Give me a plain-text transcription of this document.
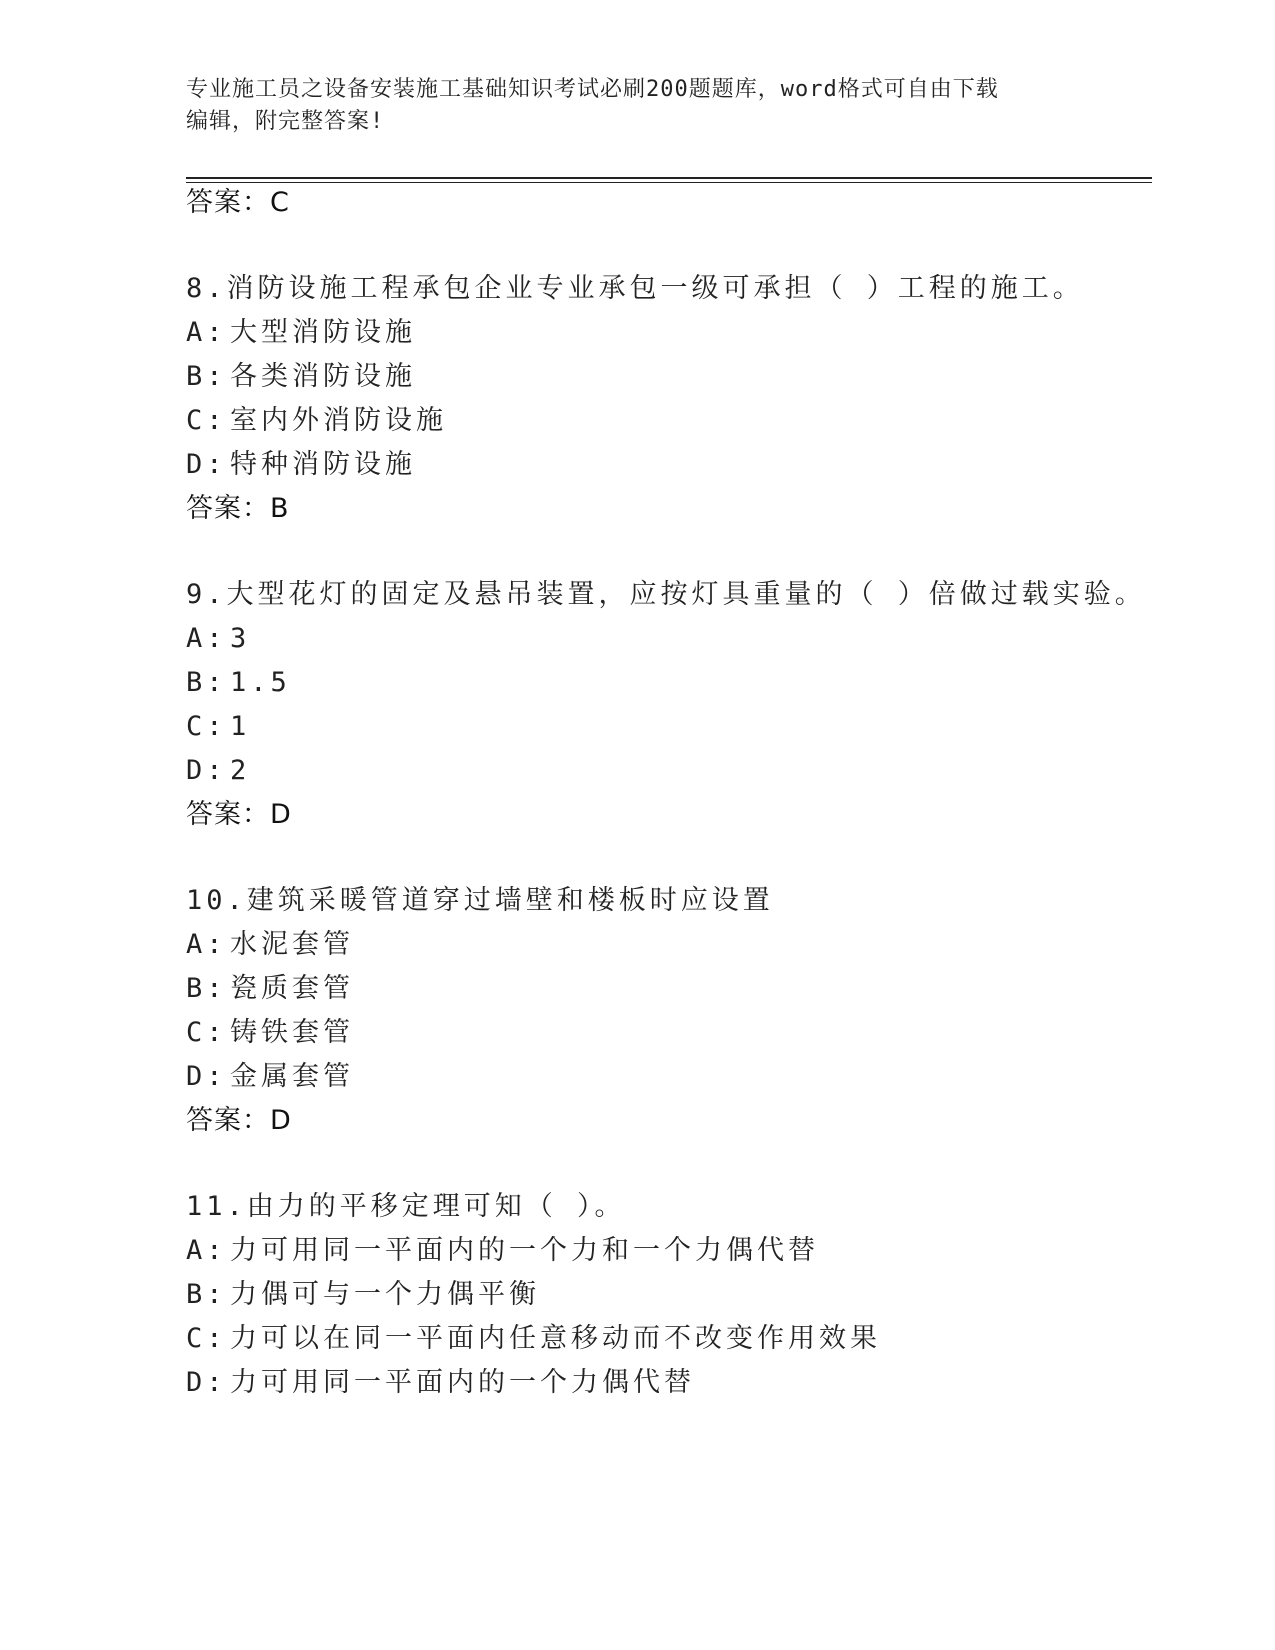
专业施工员之设备安装施工基础知识考试必刷200题题库，word格式可自由下载
编辑，附完整答案!
答案：C
8.消防设施工程承包企业专业承包一级可承担（ ）工程的施工。
A: 大型消防设施
B: 各类消防设施
C: 室内外消防设施
D: 特种消防设施
答案：B
9.大型花灯的固定及悬吊装置，应按灯具重量的（ ）倍做过载实验。
A: 3
B: 1.5
C: 1
D: 2
答案：D
10.建筑采暖管道穿过墙壁和楼板时应设置
A: 水泥套管
B: 瓷质套管
C: 铸铁套管
D: 金属套管
答案：D
11.由力的平移定理可知（ ）。
A: 力可用同一平面内的一个力和一个力偶代替
B: 力偶可与一个力偶平衡
C: 力可以在同一平面内任意移动而不改变作用效果
D: 力可用同一平面内的一个力偶代替
